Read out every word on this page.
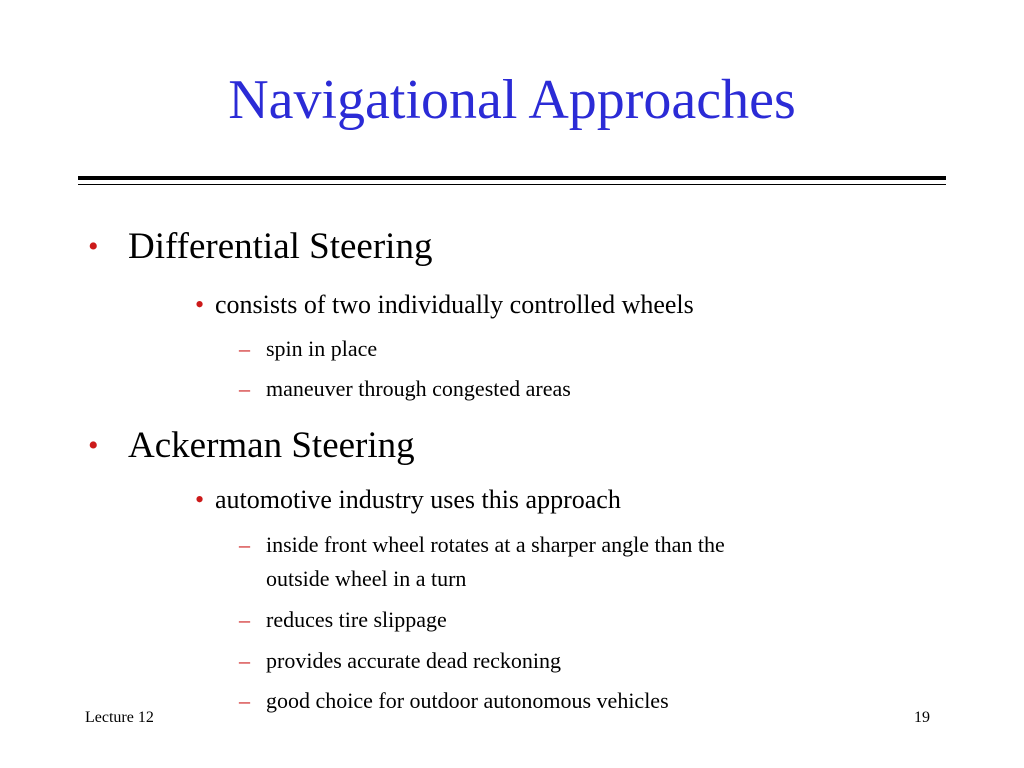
Navigational Approaches
• Differential Steering
• consists of two individually controlled wheels
– spin in place
– maneuver through congested areas
• Ackerman Steering
• automotive industry uses this approach
– inside front wheel rotates at a sharper angle than the
outside wheel in a turn
– reduces tire slippage
– provides accurate dead reckoning
– good choice for outdoor autonomous vehicles
Lecture 12	19
